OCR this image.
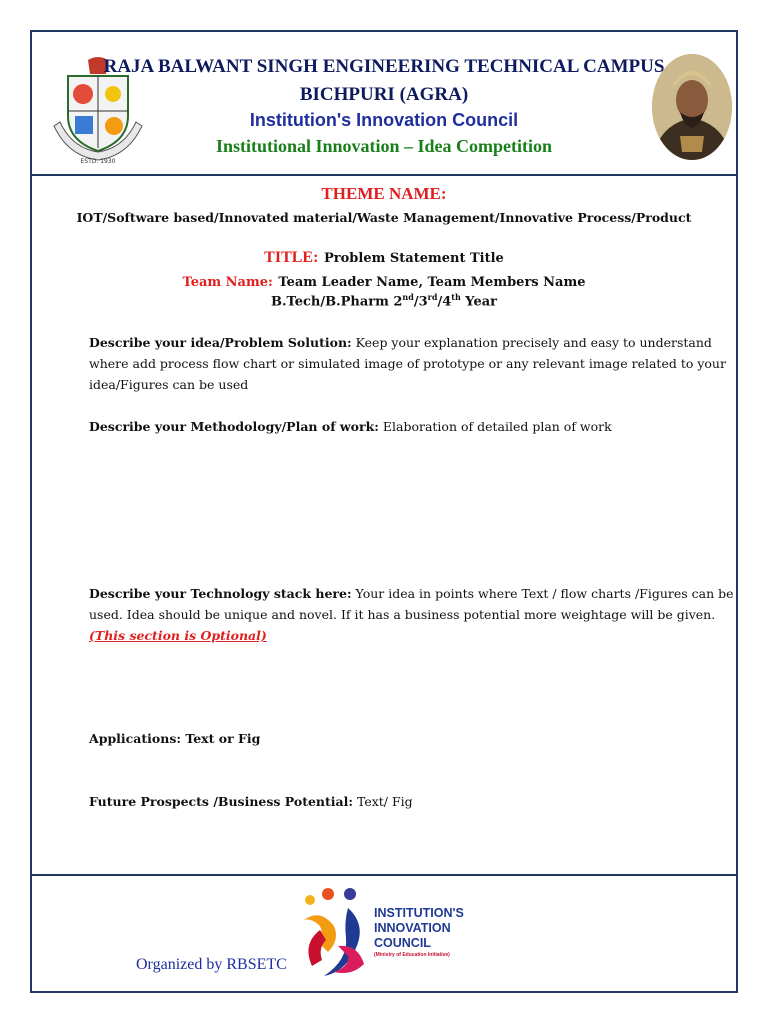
ESTD. 1930
RAJA BALWANT SINGH ENGINEERING TECHNICAL CAMPUS
BICHPURI (AGRA)
Institution's Innovation Council
Institutional Innovation – Idea Competition
THEME NAME:
IOT/Software based/Innovated material/Waste Management/Innovative Process/Product
TITLE: Problem Statement Title
Team Name: Team Leader Name, Team Members Name
B.Tech/B.Pharm 2nd/3rd/4th Year
Describe your idea/Problem Solution: Keep your explanation precisely and easy to understand where add process flow chart or simulated image of prototype or any relevant image related to your idea/Figures can be used
Describe your Methodology/Plan of work: Elaboration of detailed plan of work
Describe your Technology stack here: Your idea in points where Text / flow charts /Figures can be used. Idea should be unique and novel. If it has a business potential more weightage will be given. (This section is Optional)
Applications: Text or Fig
Future Prospects /Business Potential: Text/ Fig
Organized by RBSETC
INSTITUTION'S
INNOVATION
COUNCIL
(Ministry of Education Initiative)
